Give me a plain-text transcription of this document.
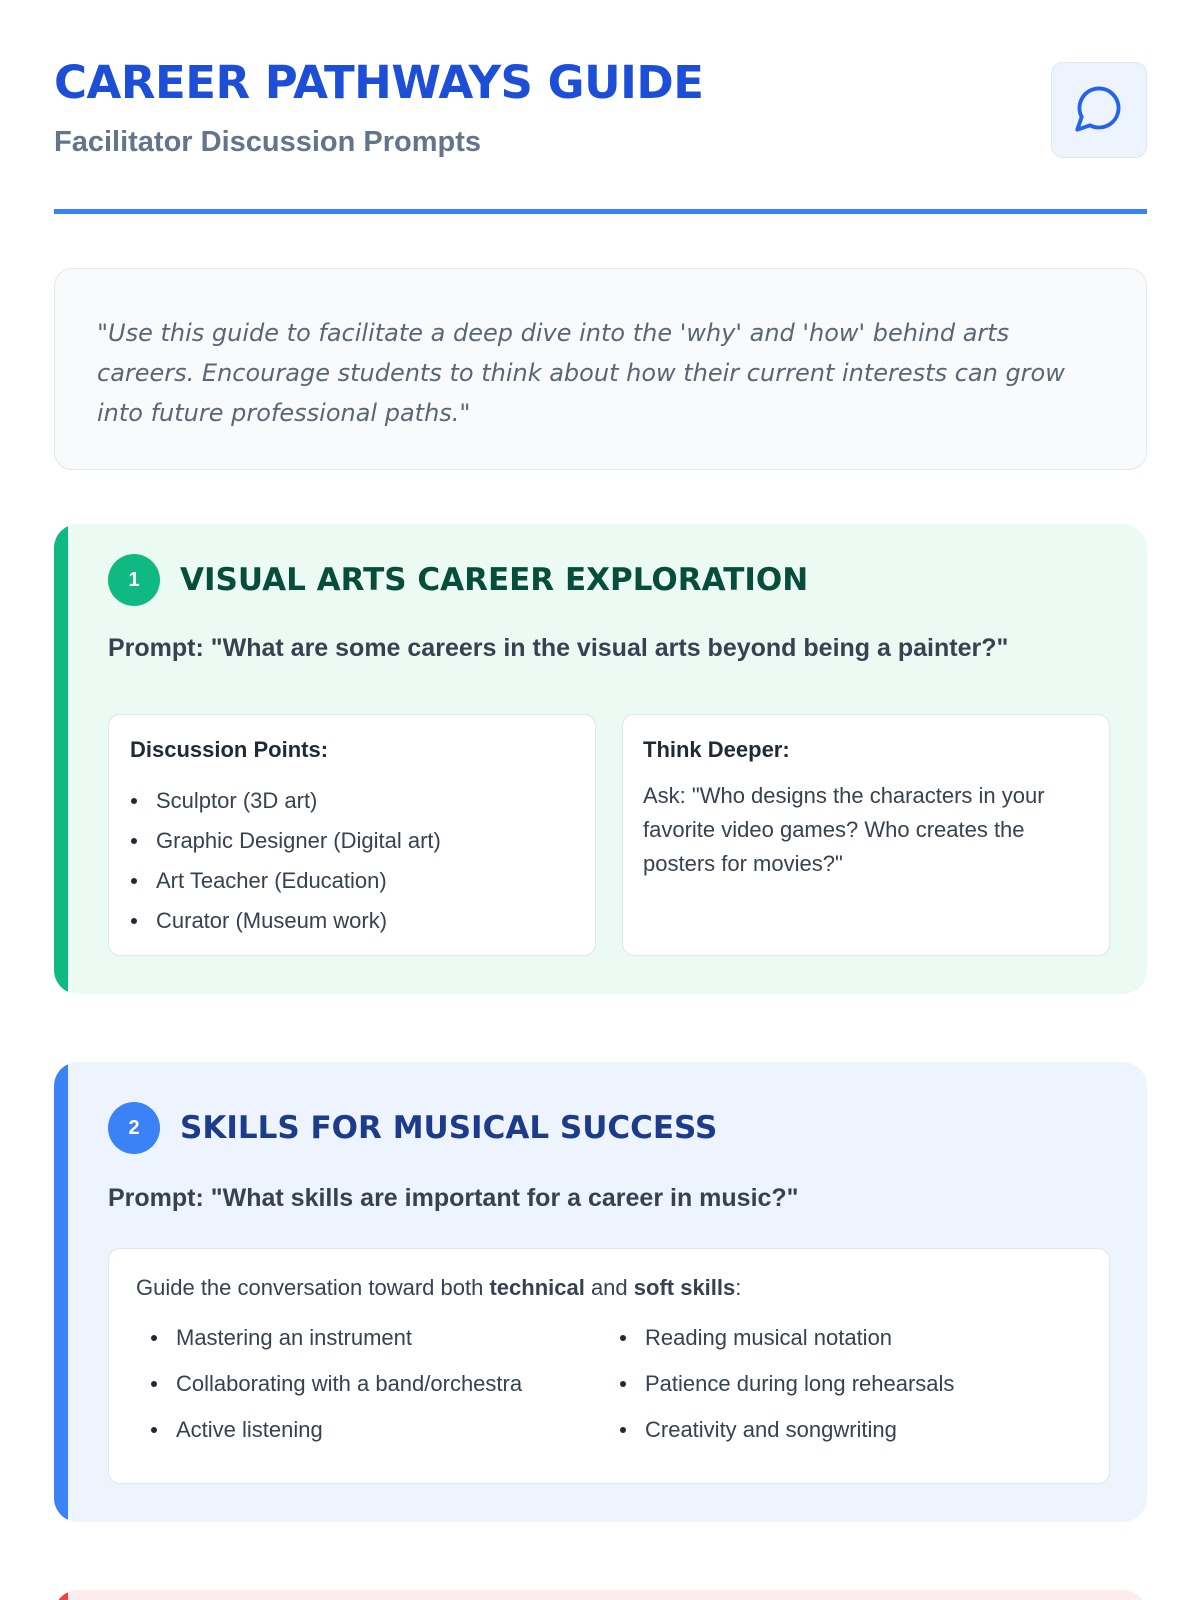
CAREER PATHWAYS GUIDE
Facilitator Discussion Prompts

"Use this guide to facilitate a deep dive into the 'why' and 'how' behind arts careers. Encourage students to think about how their current interests can grow into future professional paths."

1	VISUAL ARTS CAREER EXPLORATION
Prompt: "What are some careers in the visual arts beyond being a painter?"
Discussion Points:
Sculptor (3D art)
Graphic Designer (Digital art)
Art Teacher (Education)
Curator (Museum work)
Think Deeper:

Ask: "Who designs the characters in your favorite video games? Who creates the posters for movies?"

2	SKILLS FOR MUSICAL SUCCESS
Prompt: "What skills are important for a career in music?"

Guide the conversation toward both technical and soft skills:

Mastering an instrument
Collaborating with a band/orchestra
Active listening
Reading musical notation
Patience during long rehearsals
Creativity and songwriting
